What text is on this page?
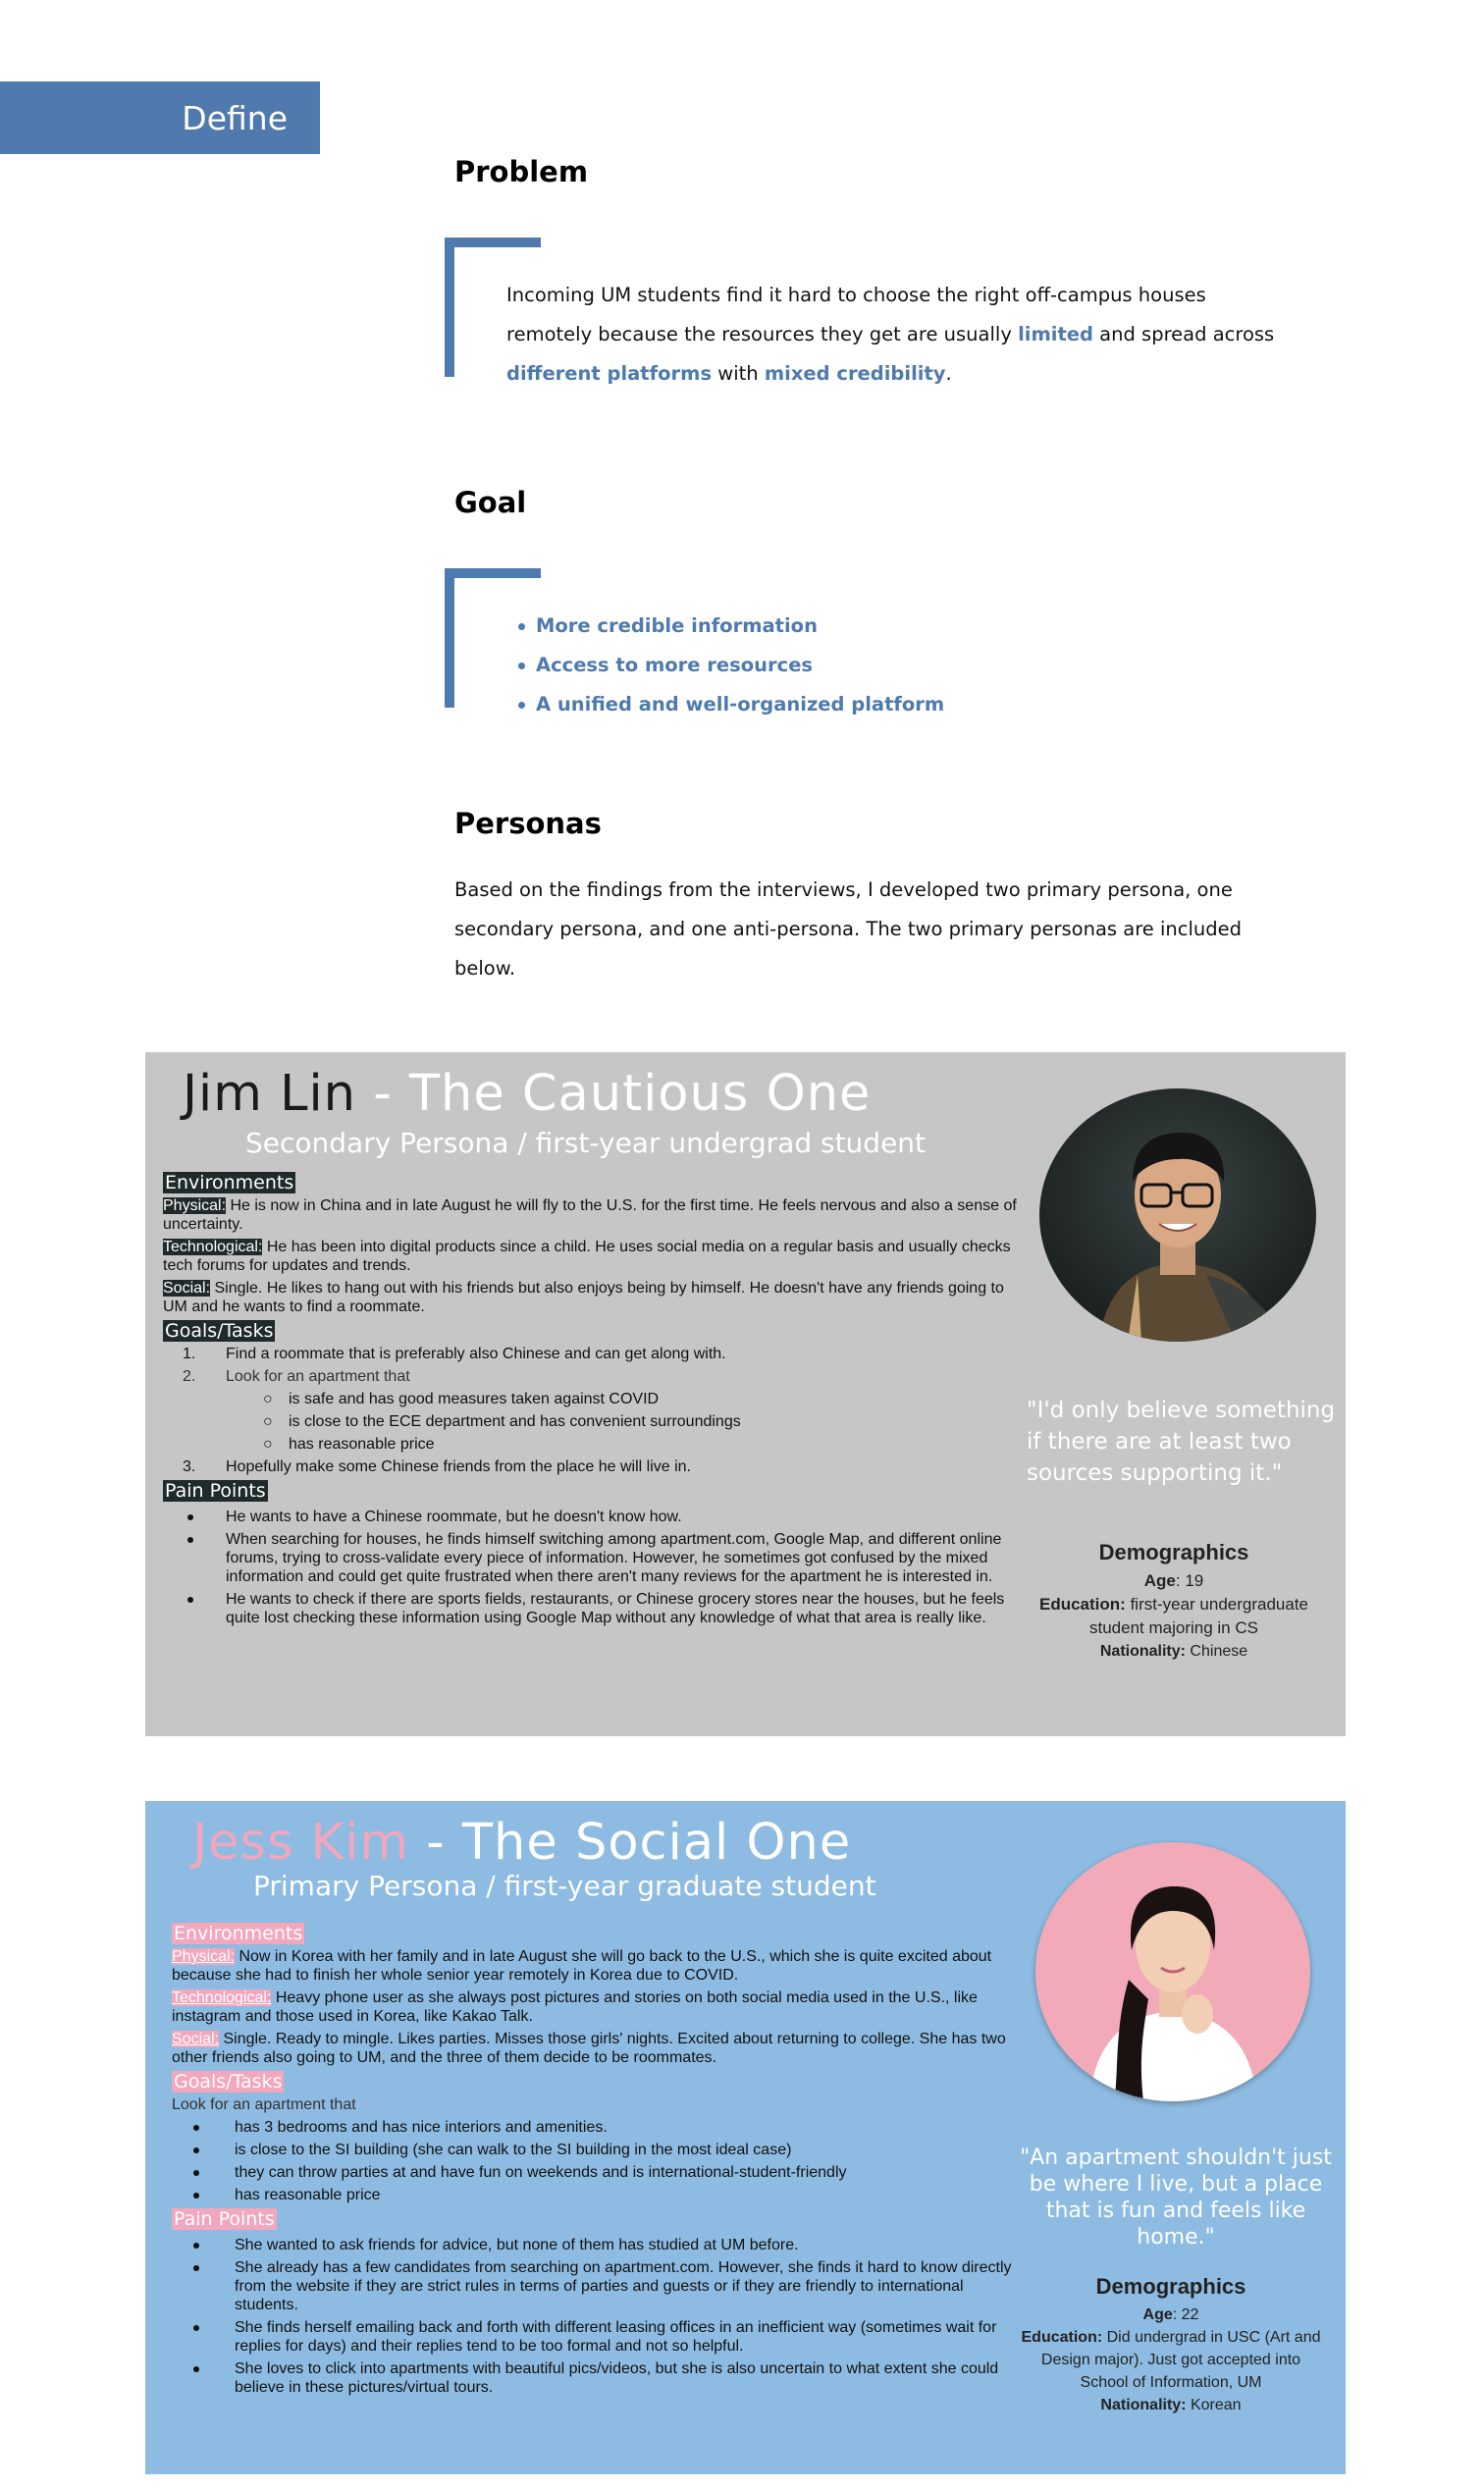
Define
Problem
Incoming UM students find it hard to choose the right off-campus houses remotely because the resources they get are usually limited and spread across different platforms with mixed credibility.
Goal
More credible information
Access to more resources
A unified and well-organized platform
Personas
Based on the findings from the interviews, I developed two primary persona, one secondary persona, and one anti-persona. The two primary personas are included below.
Jim Lin - The Cautious One
Secondary Persona / first-year undergrad student
Environments
Physical: He is now in China and in late August he will fly to the U.S. for the first time. He feels nervous and also a sense of uncertainty.
Technological: He has been into digital products since a child. He uses social media on a regular basis and usually checks tech forums for updates and trends.
Social: Single. He likes to hang out with his friends but also enjoys being by himself. He doesn't have any friends going to UM and he wants to find a roommate.
Goals/Tasks
1.	Find a roommate that is preferably also Chinese and can get along with.
2.	Look for an apartment that
○ is safe and has good measures taken against COVID
○ is close to the ECE department and has convenient surroundings
○ has reasonable price
3.	Hopefully make some Chinese friends from the place he will live in.
Pain Points
He wants to have a Chinese roommate, but he doesn't know how.
When searching for houses, he finds himself switching among apartment.com, Google Map, and different online forums, trying to cross-validate every piece of information. However, he sometimes got confused by the mixed information and could get quite frustrated when there aren't many reviews for the apartment he is interested in.
He wants to check if there are sports fields, restaurants, or Chinese grocery stores near the houses, but he feels quite lost checking these information using Google Map without any knowledge of what that area is really like.
"I'd only believe something if there are at least two sources supporting it."
Demographics
Age: 19
Education: first-year undergraduate student majoring in CS
Nationality: Chinese
Jess Kim - The Social One
Primary Persona / first-year graduate student
Environments
Physical: Now in Korea with her family and in late August she will go back to the U.S., which she is quite excited about because she had to finish her whole senior year remotely in Korea due to COVID.
Technological: Heavy phone user as she always post pictures and stories on both social media used in the U.S., like instagram and those used in Korea, like Kakao Talk.
Social: Single. Ready to mingle. Likes parties. Misses those girls' nights. Excited about returning to college. She has two other friends also going to UM, and the three of them decide to be roommates.
Goals/Tasks
Look for an apartment that
has 3 bedrooms and has nice interiors and amenities.
is close to the SI building (she can walk to the SI building in the most ideal case)
they can throw parties at and have fun on weekends and is international-student-friendly
has reasonable price
Pain Points
She wanted to ask friends for advice, but none of them has studied at UM before.
She already has a few candidates from searching on apartment.com. However, she finds it hard to know directly from the website if they are strict rules in terms of parties and guests or if they are friendly to international students.
She finds herself emailing back and forth with different leasing offices in an inefficient way (sometimes wait for replies for days) and their replies tend to be too formal and not so helpful.
She loves to click into apartments with beautiful pics/videos, but she is also uncertain to what extent she could believe in these pictures/virtual tours.
"An apartment shouldn't just be where I live, but a place that is fun and feels like home."
Demographics
Age: 22
Education: Did undergrad in USC (Art and Design major). Just got accepted into School of Information, UM
Nationality: Korean
